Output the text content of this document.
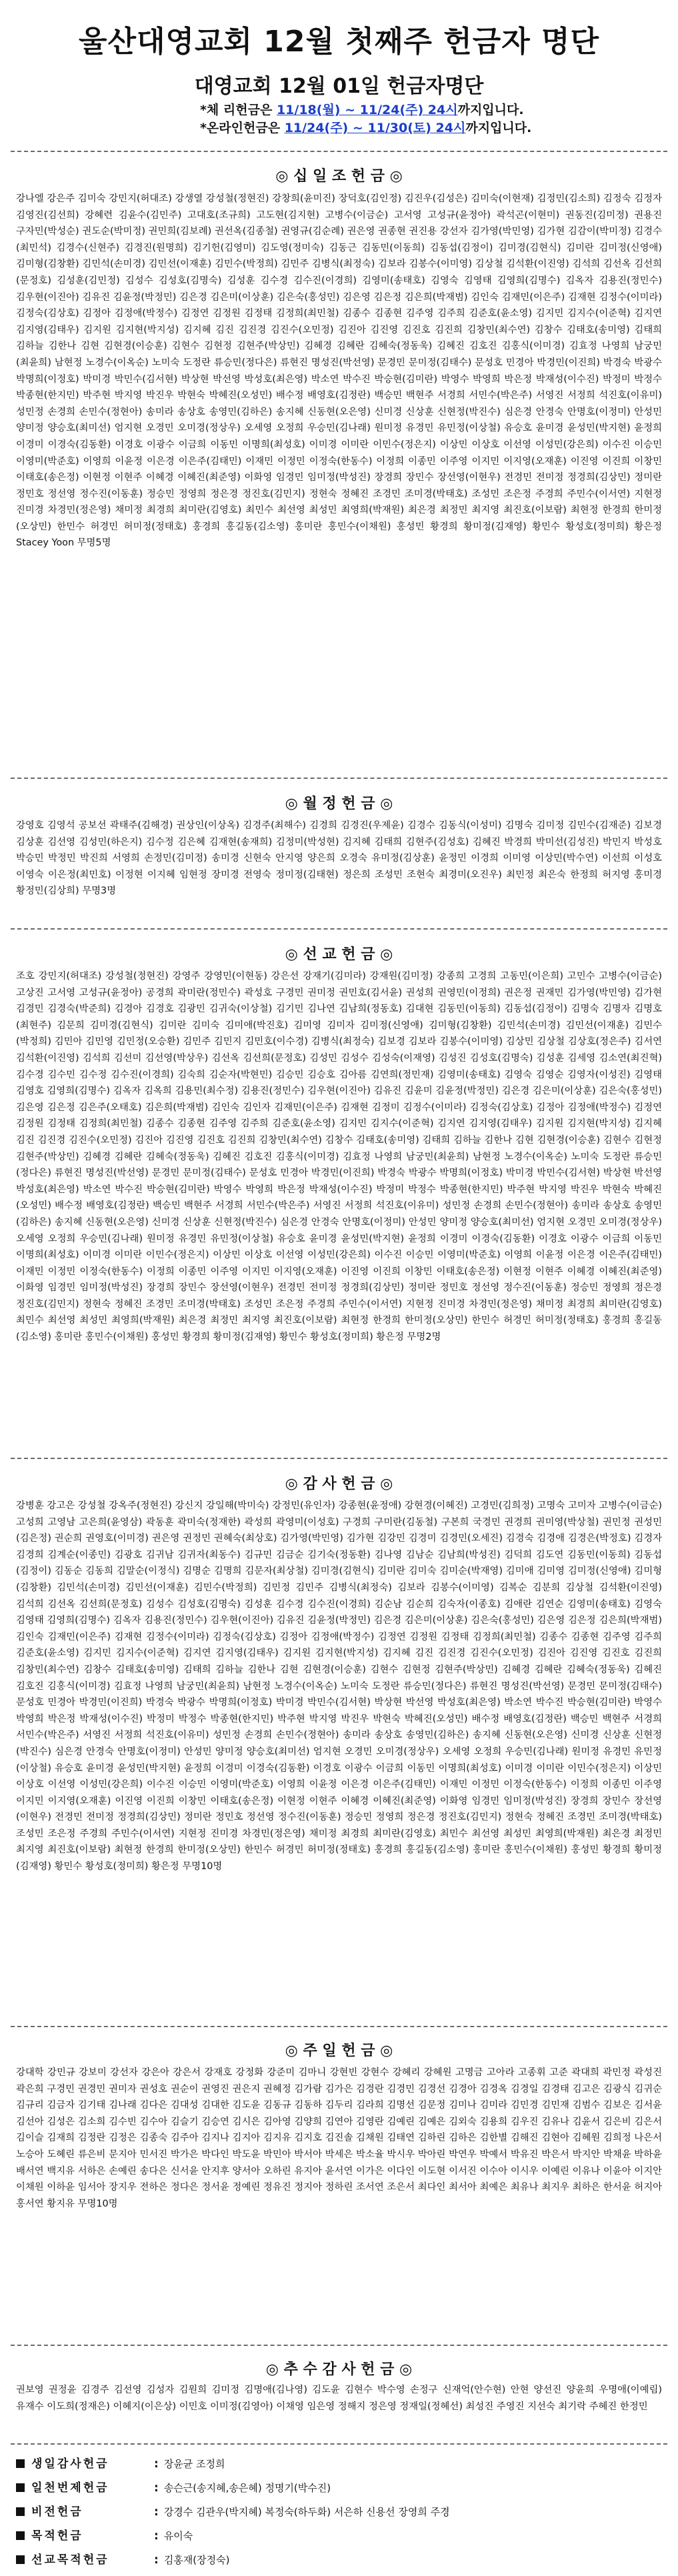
울산대영교회 12월 첫째주 헌금자 명단
대영교회 12월 01일 헌금자명단
*체 리헌금은 11/18(월) ~ 11/24(주) 24시까지입니다.
*온라인헌금은 11/24(주) ~ 11/30(토) 24시까지입니다.
◎ 십 일 조 헌 금 ◎
강나엘 강은주 김미숙 강민지(허대조) 강생열 강성철(정현진) 강창희(윤미진) 장덕호(김인정) 김진우(김성은) 김미숙(이현재) 김정민(김소희) 김정숙 김정자 김영진(김선희) 강혜련 김윤수(김민주) 고대호(조규희) 고도현(김지현) 고병수(이금순) 고서영 고성규(윤정아) 곽석곤(이현미) 권동진(김미정) 권용진 구자민(박성순) 권도순(박미정) 권민희(김보례) 권선옥(김종철) 권영규(김순례) 권은영 권종현 권진용 강선자 김가영(박민영) 김가현 김감이(박미정) 김경수(최민석) 김경수(신현주) 김경진(원명희) 김기헌(김영미) 김도영(정미숙) 김동근 김동민(이동희) 김동섭(김정이) 김미경(김현식) 김미란 김미정(신영애) 김미형(김창환) 김민석(손미경) 김민선(이재훈) 김민수(박정희) 김민주 김병식(최정숙) 김보라 김봉수(이미영) 김상철 김석환(이진영) 김석희 김선옥 김선희(문정호) 김성훈(김민정) 김성수 김성호(김명숙) 김성훈 김수경 김수진(이경희) 김영미(송태호) 김영숙 김영태 김영희(김명수) 김옥자 김용진(정민수) 김우현(이진아) 김유진 김윤정(박정민) 김은경 김은미(이상훈) 김은숙(홍성민) 김은영 김은정 김은희(박재범) 김인숙 김재민(이은주) 김재현 김정수(이미라) 김정숙(김상호) 김정아 김정애(박정수) 김정연 김정원 김정태 김정희(최민철) 김종수 김종현 김주영 김주희 김준호(윤소영) 김지민 김지수(이준혁) 김지연 김지영(김태우) 김지원 김지현(박지성) 김지혜 김진 김진경 김진수(오민정) 김진아 김진영 김진호 김진희 김창민(최수연) 김창수 김태호(송미영) 김태희 김하늘 김한나 김현 김현경(이승훈) 김현수 김현정 김현주(박상민) 김혜경 김혜란 김혜숙(정동욱) 김혜진 김호진 김홍식(이미경) 김효정 나영희 남궁민(최윤희) 남현정 노경수(이옥순) 노미숙 도정란 류승민(정다은) 류현진 명성진(박선영) 문경민 문미정(김태수) 문성호 민경아 박경민(이진희) 박경숙 박광수 박명희(이정호) 박미경 박민수(김서현) 박상현 박선영 박성호(최은영) 박소연 박수진 박승현(김미란) 박영수 박영희 박은정 박재성(이수진) 박정미 박정수 박종현(한지민) 박주현 박지영 박진우 박현숙 박혜진(오성민) 배수정 배영호(김정란) 백승민 백현주 서경희 서민수(박은주) 서영진 서정희 석진호(이유미) 성민정 손경희 손민수(정현아) 송미라 송상호 송영민(김하은) 송지혜 신동현(오은영) 신미경 신상훈 신현정(박진수) 심은경 안경숙 안명호(이정미) 안성민 양미정 양승호(최미선) 엄지현 오경민 오미경(정상우) 오세영 오정희 우승민(김나래) 원미정 유경민 유민정(이상철) 유승호 윤미경 윤성민(박지현) 윤정희 이경미 이경숙(김동환) 이경호 이광수 이금희 이동민 이명희(최성호) 이미경 이미란 이민수(정은지) 이상민 이상호 이선영 이성민(강은희) 이수진 이승민 이영미(박준호) 이영희 이윤정 이은경 이은주(김태민) 이재민 이정민 이정숙(한동수) 이정희 이종민 이주영 이지민 이지영(오재훈) 이진영 이진희 이창민 이태호(송은정) 이현정 이현주 이혜경 이혜진(최준영) 이화영 임경민 임미정(박성진) 장경희 장민수 장선영(이현우) 전경민 전미정 정경희(김상민) 정미란 정민호 정선영 정수진(이동훈) 정승민 정영희 정은경 정진호(김민지) 정현숙 정혜진 조경민 조미경(박태호) 조성민 조은정 주경희 주민수(이서연) 지현정 진미경 차경민(정은영) 채미정 최경희 최미란(김영호) 최민수 최선영 최성민 최영희(박재원) 최은경 최정민 최지영 최진호(이보람) 최현정 한경희 한미정(오상민) 한민수 허경민 허미정(정태호) 홍경희 홍길동(김소영) 홍미란 홍민수(이채원) 홍성민 황경희 황미정(김재영) 황민수 황성호(정미희) 황은정 Stacey Yoon 무명5명
◎ 월 정 헌 금 ◎
강영호 김영석 공보선 곽태주(김해경) 권상인(이상옥) 김경주(최해수) 김경희 김경진(우제윤) 김경수 김동식(이성미) 김명숙 김미정 김민수(김재준) 김보경 김상훈 김선영 김성민(하은지) 김수정 김은혜 김재현(송재희) 김정미(박성현) 김지혜 김태희 김현주(김성호) 김혜진 박경희 박미선(김성진) 박민지 박성호 박승민 박정민 박진희 서영희 손정민(김미정) 송미경 신현숙 안지영 양은희 오경숙 유미정(김상훈) 윤정민 이경희 이미영 이상민(박수연) 이선희 이성호 이영숙 이은정(최민호) 이정현 이지혜 임현정 장미경 전영숙 정미정(김태현) 정은희 조성민 조현숙 최경미(오진우) 최민정 최은숙 한정희 허지영 홍미경 황정민(김상희) 무명3명
◎ 선 교 헌 금 ◎
조호 강민지(허대조) 강성철(정현진) 강영주 강영민(이현동) 강은선 강재기(김미라) 강재원(김미정) 강종희 고경희 고동민(이은희) 고민수 고병수(이금순) 고상진 고서영 고성규(윤정아) 공경희 곽미란(정민수) 곽성호 구경민 권미정 권민호(김서윤) 권성희 권영민(이정희) 권은정 권재민 김가영(박민영) 김가현 김경민 김경숙(박준희) 김경아 김경호 김광민 김귀숙(이상철) 김기민 김나연 김남희(정동호) 김대현 김동민(이동희) 김동섭(김정이) 김명숙 김명자 김명호(최현주) 김문희 김미경(김현식) 김미란 김미숙 김미애(박진호) 김미영 김미자 김미정(신영애) 김미형(김창환) 김민석(손미경) 김민선(이재훈) 김민수(박정희) 김민아 김민영 김민정(오승환) 김민주 김민지 김민호(이수경) 김병식(최정숙) 김보경 김보라 김봉수(이미영) 김상민 김상철 김상호(정은주) 김서연 김석환(이진영) 김석희 김선미 김선영(박상우) 김선옥 김선희(문정호) 김성민 김성수 김성숙(이재영) 김성진 김성호(김명숙) 김성훈 김세영 김소연(최진혁) 김수경 김수민 김수정 김수진(이경희) 김숙희 김순자(박현민) 김승민 김승호 김아름 김연희(정민재) 김영미(송태호) 김영숙 김영순 김영자(이성진) 김영태 김영호 김영희(김명수) 김옥자 김옥희 김용민(최수정) 김용진(정민수) 김우현(이진아) 김유진 김윤미 김윤정(박정민) 김은경 김은미(이상훈) 김은숙(홍성민) 김은영 김은정 김은주(오태호) 김은희(박재범) 김인숙 김인자 김재민(이은주) 김재현 김정미 김정수(이미라) 김정숙(김상호) 김정아 김정애(박정수) 김정연 김정원 김정태 김정희(최민철) 김종수 김종현 김주영 김주희 김준호(윤소영) 김지민 김지수(이준혁) 김지연 김지영(김태우) 김지원 김지현(박지성) 김지혜 김진 김진경 김진수(오민정) 김진아 김진영 김진호 김진희 김창민(최수연) 김창수 김태호(송미영) 김태희 김하늘 김한나 김현 김현경(이승훈) 김현수 김현정 김현주(박상민) 김혜경 김혜란 김혜숙(정동욱) 김혜진 김호진 김홍식(이미경) 김효정 나영희 남궁민(최윤희) 남현정 노경수(이옥순) 노미숙 도정란 류승민(정다은) 류현진 명성진(박선영) 문경민 문미정(김태수) 문성호 민경아 박경민(이진희) 박경숙 박광수 박명희(이정호) 박미경 박민수(김서현) 박상현 박선영 박성호(최은영) 박소연 박수진 박승현(김미란) 박영수 박영희 박은정 박재성(이수진) 박정미 박정수 박종현(한지민) 박주현 박지영 박진우 박현숙 박혜진(오성민) 배수정 배영호(김정란) 백승민 백현주 서경희 서민수(박은주) 서영진 서정희 석진호(이유미) 성민정 손경희 손민수(정현아) 송미라 송상호 송영민(김하은) 송지혜 신동현(오은영) 신미경 신상훈 신현정(박진수) 심은경 안경숙 안명호(이정미) 안성민 양미정 양승호(최미선) 엄지현 오경민 오미경(정상우) 오세영 오정희 우승민(김나래) 원미정 유경민 유민정(이상철) 유승호 윤미경 윤성민(박지현) 윤정희 이경미 이경숙(김동환) 이경호 이광수 이금희 이동민 이명희(최성호) 이미경 이미란 이민수(정은지) 이상민 이상호 이선영 이성민(강은희) 이수진 이승민 이영미(박준호) 이영희 이윤정 이은경 이은주(김태민) 이재민 이정민 이정숙(한동수) 이정희 이종민 이주영 이지민 이지영(오재훈) 이진영 이진희 이창민 이태호(송은정) 이현정 이현주 이혜경 이혜진(최준영) 이화영 임경민 임미정(박성진) 장경희 장민수 장선영(이현우) 전경민 전미정 정경희(김상민) 정미란 정민호 정선영 정수진(이동훈) 정승민 정영희 정은경 정진호(김민지) 정현숙 정혜진 조경민 조미경(박태호) 조성민 조은정 주경희 주민수(이서연) 지현정 진미경 차경민(정은영) 채미정 최경희 최미란(김영호) 최민수 최선영 최성민 최영희(박재원) 최은경 최정민 최지영 최진호(이보람) 최현정 한경희 한미정(오상민) 한민수 허경민 허미정(정태호) 홍경희 홍길동(김소영) 홍미란 홍민수(이채원) 홍성민 황경희 황미정(김재영) 황민수 황성호(정미희) 황은정 무명2명
◎ 감 사 헌 금 ◎
강병훈 강고은 강성철 강옥주(정현진) 강신지 강일해(박미숙) 강정민(유인자) 강종현(윤정애) 강현경(이혜진) 고경민(김희정) 고명숙 고미자 고병수(이금순) 고성희 고영남 고은희(윤영삼) 곽동훈 곽미숙(정재한) 곽성희 곽영미(이성호) 구경희 구미란(김동철) 구본희 국경민 권경희 권미영(박상철) 권민정 권성민(김은정) 권순희 권영호(이미경) 권은영 권정민 권혜숙(최상호) 김가영(박민영) 김가현 김강민 김경미 김경민(오세진) 김경숙 김경애 김경은(박정호) 김경자 김경희 김계순(이종민) 김광호 김귀남 김귀자(최동수) 김규민 김금순 김기숙(정동환) 김나영 김남순 김남희(박성진) 김덕희 김도연 김동민(이동희) 김동섭(김정이) 김동순 김동희 김말순(이정식) 김명순 김명희 김문자(최상철) 김미경(김현식) 김미란 김미숙 김미순(박재영) 김미애 김미영 김미정(신영애) 김미형(김창환) 김민석(손미경) 김민선(이재훈) 김민수(박정희) 김민정 김민주 김병식(최정숙) 김보라 김봉수(이미영) 김복순 김분희 김상철 김석환(이진영) 김석희 김선옥 김선희(문정호) 김성수 김성호(김명숙) 김성훈 김수경 김수진(이경희) 김순남 김순희 김숙자(이종호) 김애란 김연순 김영미(송태호) 김영숙 김영태 김영희(김명수) 김옥자 김용진(정민수) 김우현(이진아) 김유진 김윤정(박정민) 김은경 김은미(이상훈) 김은숙(홍성민) 김은영 김은정 김은희(박재범) 김인숙 김재민(이은주) 김재현 김정수(이미라) 김정숙(김상호) 김정아 김정애(박정수) 김정연 김정원 김정태 김정희(최민철) 김종수 김종현 김주영 김주희 김준호(윤소영) 김지민 김지수(이준혁) 김지연 김지영(김태우) 김지원 김지현(박지성) 김지혜 김진 김진경 김진수(오민정) 김진아 김진영 김진호 김진희 김창민(최수연) 김창수 김태호(송미영) 김태희 김하늘 김한나 김현 김현경(이승훈) 김현수 김현정 김현주(박상민) 김혜경 김혜란 김혜숙(정동욱) 김혜진 김호진 김홍식(이미경) 김효정 나영희 남궁민(최윤희) 남현정 노경수(이옥순) 노미숙 도정란 류승민(정다은) 류현진 명성진(박선영) 문경민 문미정(김태수) 문성호 민경아 박경민(이진희) 박경숙 박광수 박명희(이정호) 박미경 박민수(김서현) 박상현 박선영 박성호(최은영) 박소연 박수진 박승현(김미란) 박영수 박영희 박은정 박재성(이수진) 박정미 박정수 박종현(한지민) 박주현 박지영 박진우 박현숙 박혜진(오성민) 배수정 배영호(김정란) 백승민 백현주 서경희 서민수(박은주) 서영진 서정희 석진호(이유미) 성민정 손경희 손민수(정현아) 송미라 송상호 송영민(김하은) 송지혜 신동현(오은영) 신미경 신상훈 신현정(박진수) 심은경 안경숙 안명호(이정미) 안성민 양미정 양승호(최미선) 엄지현 오경민 오미경(정상우) 오세영 오정희 우승민(김나래) 원미정 유경민 유민정(이상철) 유승호 윤미경 윤성민(박지현) 윤정희 이경미 이경숙(김동환) 이경호 이광수 이금희 이동민 이명희(최성호) 이미경 이미란 이민수(정은지) 이상민 이상호 이선영 이성민(강은희) 이수진 이승민 이영미(박준호) 이영희 이윤정 이은경 이은주(김태민) 이재민 이정민 이정숙(한동수) 이정희 이종민 이주영 이지민 이지영(오재훈) 이진영 이진희 이창민 이태호(송은정) 이현정 이현주 이혜경 이혜진(최준영) 이화영 임경민 임미정(박성진) 장경희 장민수 장선영(이현우) 전경민 전미정 정경희(김상민) 정미란 정민호 정선영 정수진(이동훈) 정승민 정영희 정은경 정진호(김민지) 정현숙 정혜진 조경민 조미경(박태호) 조성민 조은정 주경희 주민수(이서연) 지현정 진미경 차경민(정은영) 채미정 최경희 최미란(김영호) 최민수 최선영 최성민 최영희(박재원) 최은경 최정민 최지영 최진호(이보람) 최현정 한경희 한미정(오상민) 한민수 허경민 허미정(정태호) 홍경희 홍길동(김소영) 홍미란 홍민수(이채원) 홍성민 황경희 황미정(김재영) 황민수 황성호(정미희) 황은정 무명10명
◎ 주 일 헌 금 ◎
강대학 강민규 강보미 강선자 강은아 강은서 강재호 강정화 강준미 김마니 강현빈 강현수 강혜리 강혜원 고명금 고아라 고종휘 고준 곽대희 곽민정 곽성진 곽은희 구경민 권경민 권미자 권성호 권순이 권영진 권은지 권혜정 김가람 김가은 김경란 김경민 김경선 김경아 김경옥 김경일 김경태 김고은 김광식 김귀순 김규리 김금자 김기태 김나래 김다은 김대성 김대한 김도윤 김동규 김동하 김두리 김라희 김명선 김문정 김미나 김미라 김민경 김민재 김범수 김보은 김서윤 김선아 김성은 김소희 김수빈 김수아 김슬기 김승연 김시은 김아영 김양희 김연아 김영란 김예린 김예은 김외숙 김용희 김우진 김유나 김윤서 김은비 김은서 김이슬 김재희 김정란 김정은 김종숙 김주아 김지나 김지아 김지유 김지호 김진솔 김채원 김태연 김하린 김하은 김한별 김해진 김현아 김혜원 김희정 나은서 노승아 도혜린 류은비 문지아 민서진 박가은 박다인 박도윤 박민아 박서아 박세은 박소율 박시우 박아린 박연우 박예서 박유진 박은서 박지안 박채윤 박하윤 배서연 백지유 서하은 손예린 송다은 신서윤 안지후 양서아 오하린 유지아 윤서연 이가은 이다인 이도현 이서진 이수아 이시우 이예린 이유나 이윤아 이지안 이채원 이하윤 임서아 장지우 전하은 정다은 정서윤 정예린 정유진 정지아 정하린 조서연 조은서 최다인 최서아 최예은 최유나 최지우 최하은 한서윤 허지아 홍서연 황지유 무명10명
◎ 추 수 감 사 헌 금 ◎
권보영 권정윤 김경주 김선영 김성자 김원희 김미정 김명애(김나영) 김도윤 김현수 박수영 손정구 신재억(안수현) 안현 양선진 양윤희 우명애(이예림) 유재수 이도희(정재은) 이혜지(이은상) 이민호 이미정(김영아) 이채영 임은영 정해지 정은영 정재일(정혜선) 최성진 주영진 지선숙 최기락 주혜진 한정민
생일감사헌금	: 장윤균 조정희
일천번제헌금	: 송슨근(송지혜,송은혜) 정명기(박수진)
비전헌금	: 강경수 김관우(박지혜) 복정숙(하두화) 서은하 신용선 장영희 주경
목적헌금	: 유이숙
선교목적헌금	: 김홍재(장정숙)
